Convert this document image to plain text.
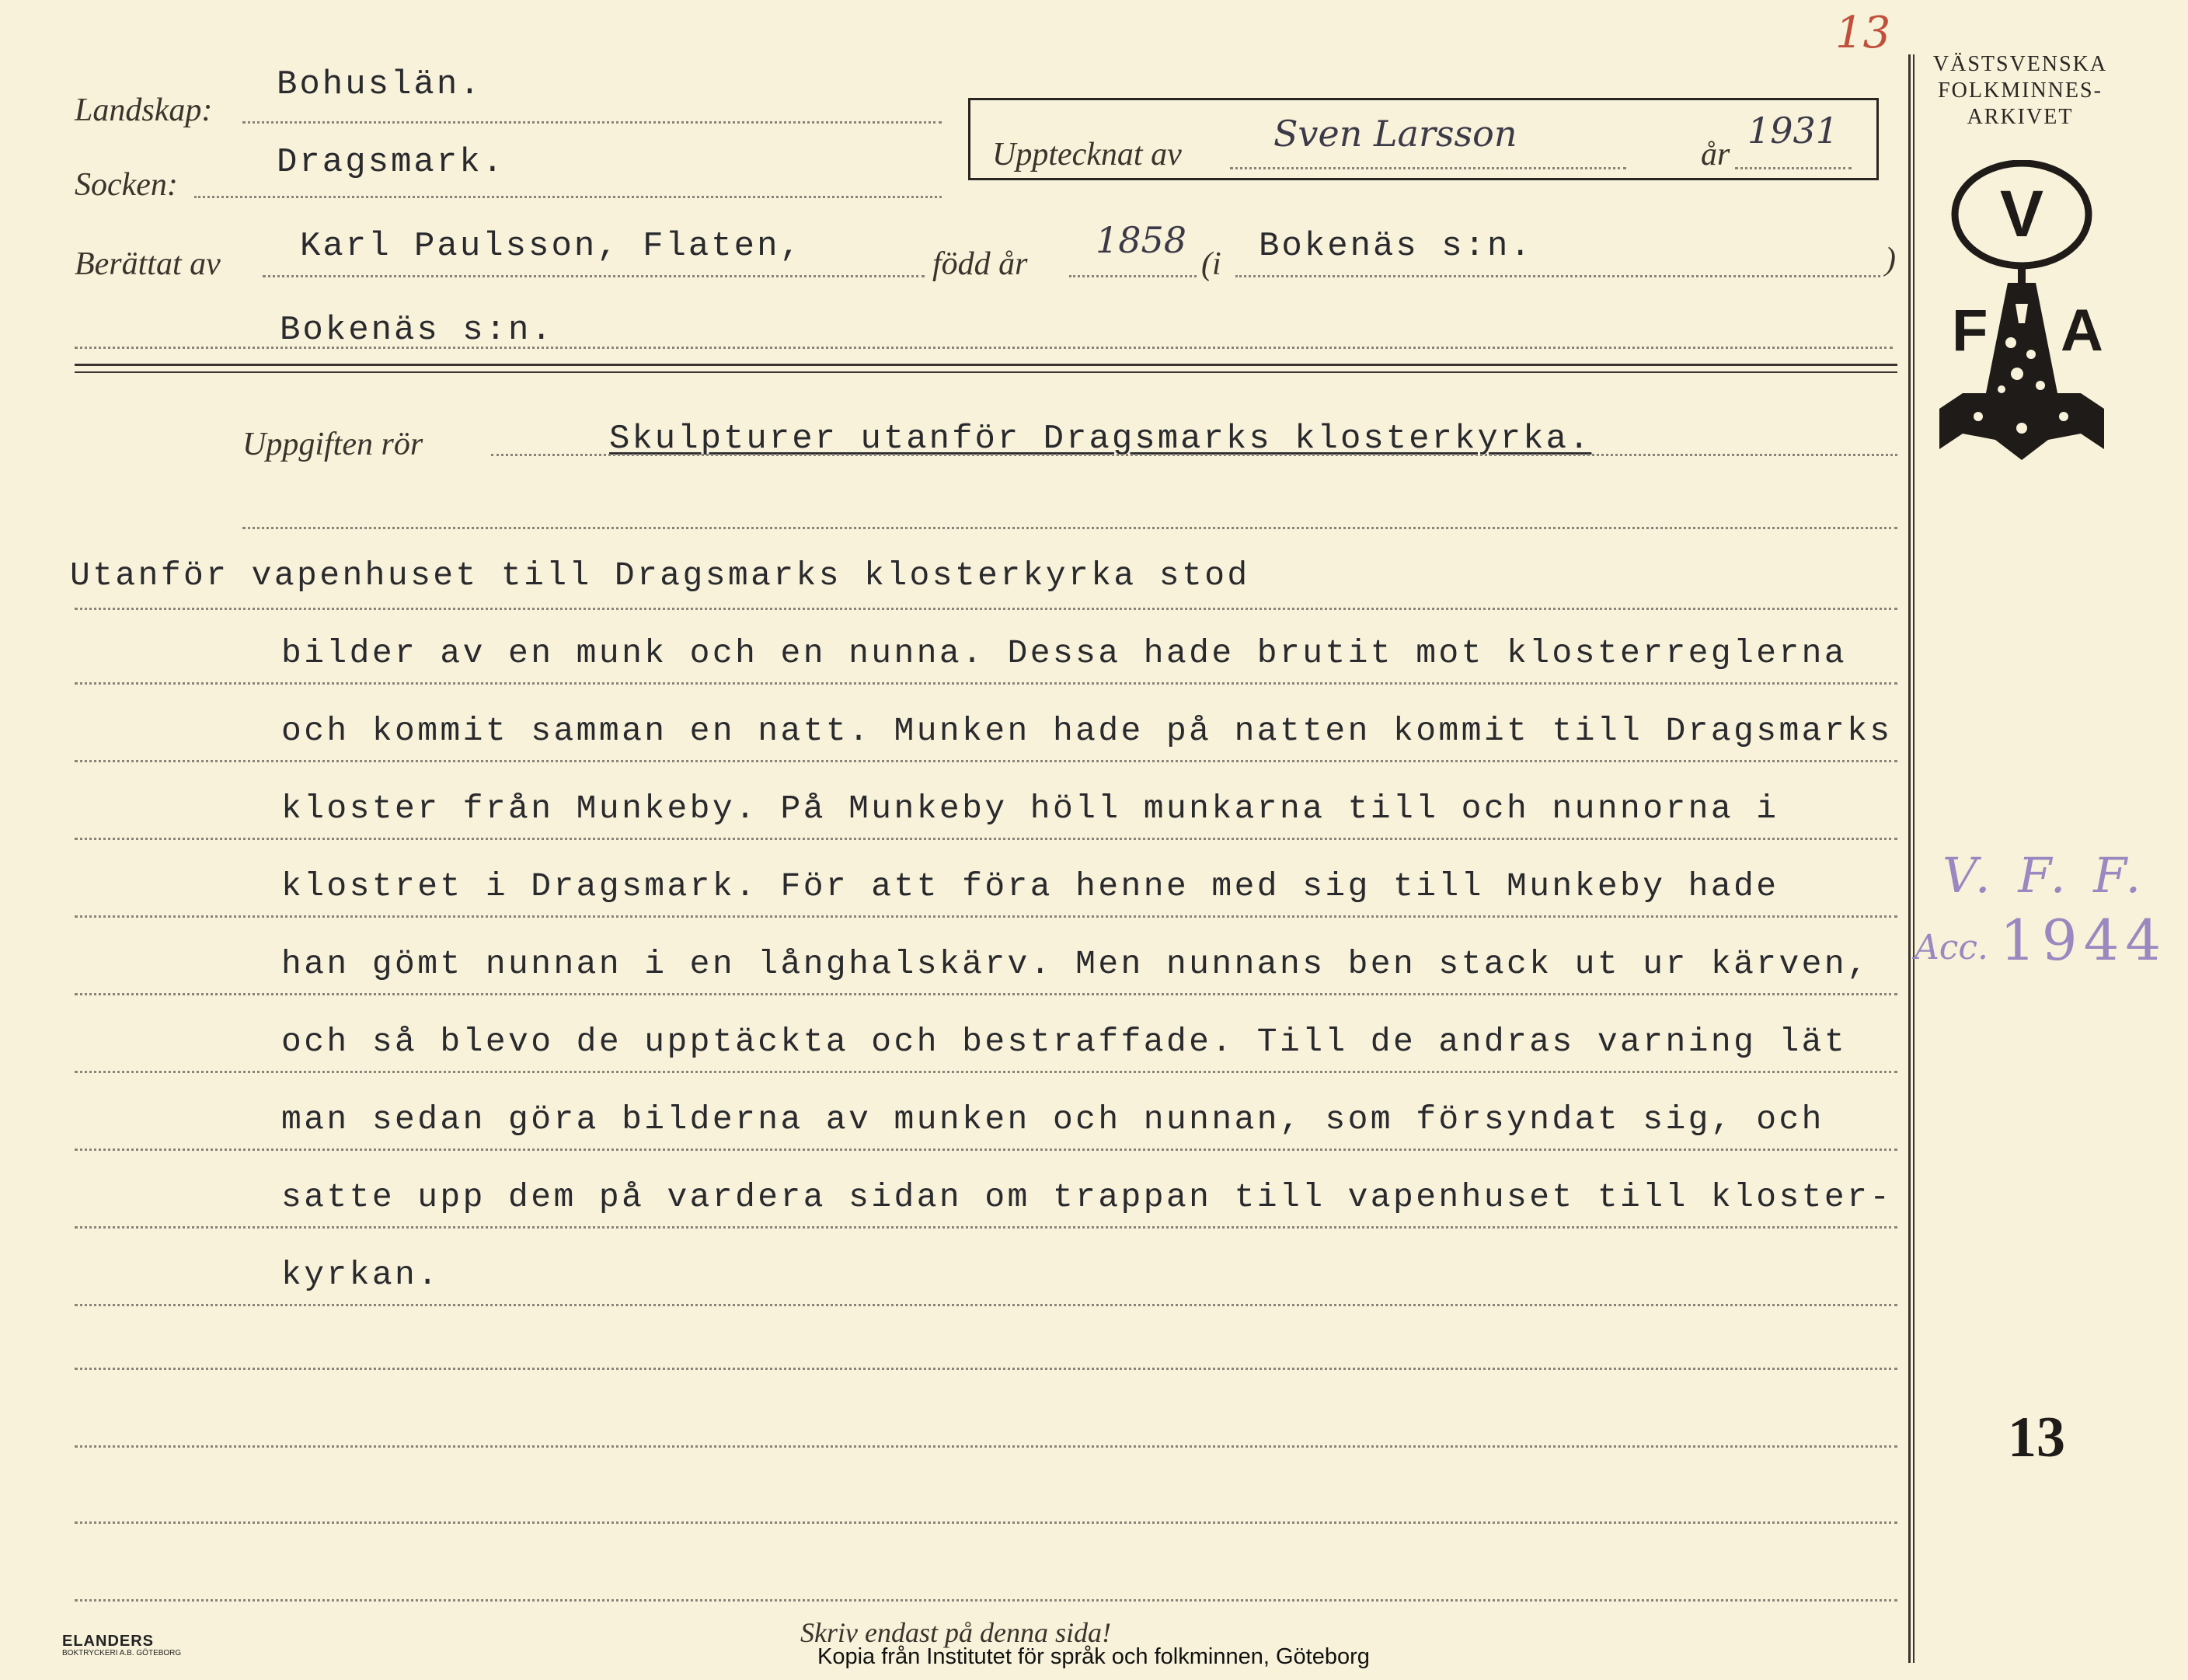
13
VÄSTSVENSKA
FOLKMINNES-
ARKIVET
V
F A
Landskap:
Bohuslän.
Socken:
Dragsmark.	Upptecknat av	Sven Larsson	år
1931
Berättat av Karl Paulsson, Flaten,	född år
1858
(i Bokenäs s:n.	)
Bokenäs s:n.
Uppgiften rör	Skulpturer utanför Dragsmarks klosterkyrka.
Utanför vapenhuset till Dragsmarks klosterkyrka stod
bilder av en munk och en nunna. Dessa hade brutit mot klosterreglerna
och kommit samman en natt. Munken hade på natten kommit till Dragsmarks
kloster från Munkeby. På Munkeby höll munkarna till och nunnorna i
klostret i Dragsmark. För att föra henne med sig till Munkeby hade
han gömt nunnan i en långhalskärv. Men nunnans ben stack ut ur kärven,
och så blevo de upptäckta och bestraffade. Till de andras varning lät
man sedan göra bilderna av munken och nunnan, som försyndat sig, och
satte upp dem på vardera sidan om trappan till vapenhuset till kloster-
kyrkan.
V. F. F.
Acc. 1944
13
Skriv endast på denna sida!
ELANDERS
BOKTRYCKERI A.B. GÖTEBORG	Kopia från Institutet för språk och folkminnen, Göteborg
